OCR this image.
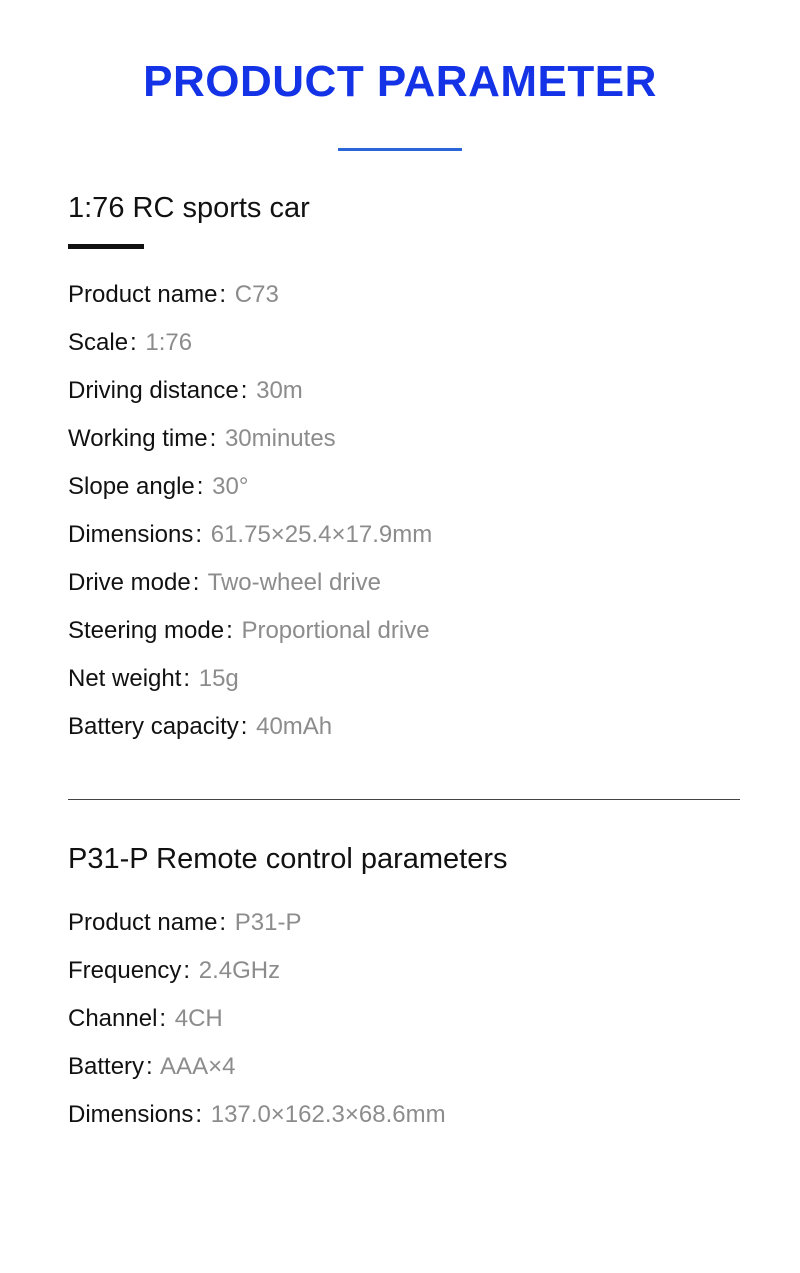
PRODUCT PARAMETER
1:76 RC sports car
Product name: C73
Scale: 1:76
Driving distance: 30m
Working time: 30minutes
Slope angle: 30°
Dimensions: 61.75×25.4×17.9mm
Drive mode: Two-wheel drive
Steering mode: Proportional drive
Net weight: 15g
Battery capacity: 40mAh
P31-P Remote control parameters
Product name: P31-P
Frequency: 2.4GHz
Channel: 4CH
Battery: AAA×4
Dimensions: 137.0×162.3×68.6mm
